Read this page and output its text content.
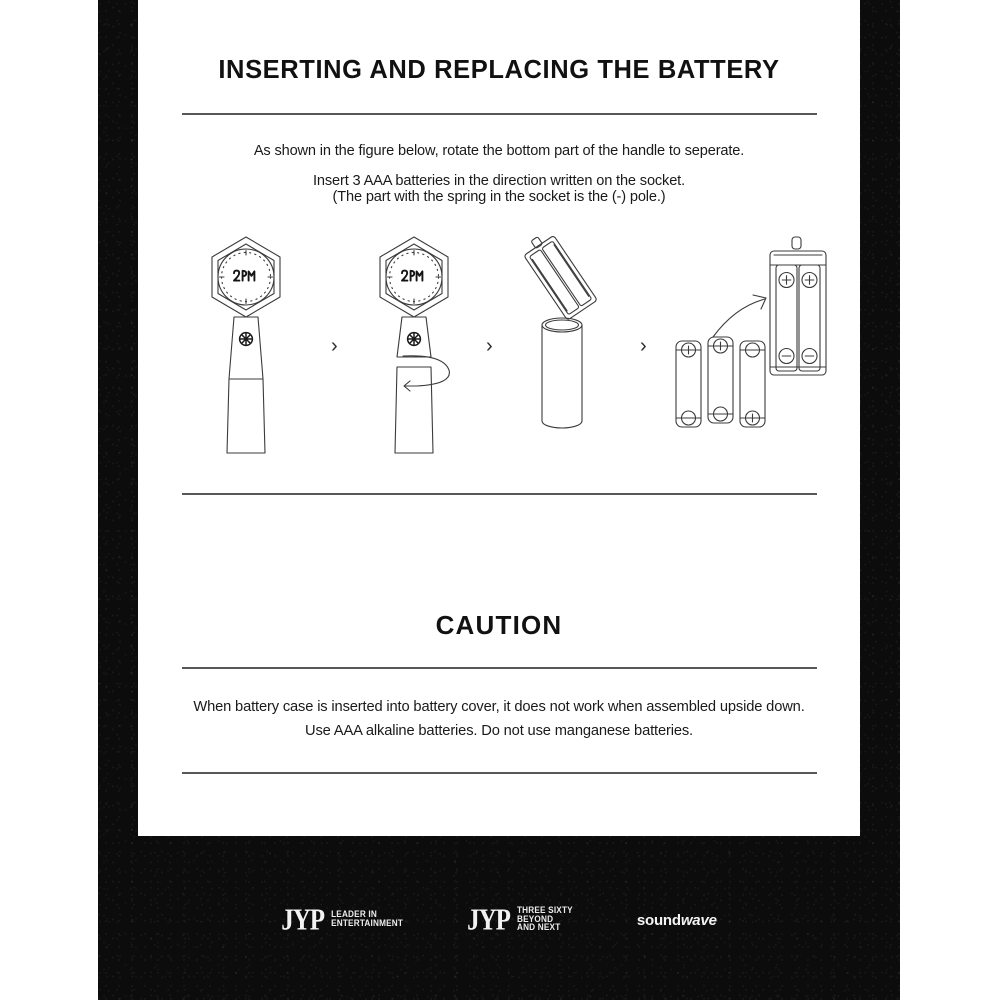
INSERTING AND REPLACING THE BATTERY
As shown in the figure below, rotate the bottom part of the handle to seperate.
Insert 3 AAA batteries in the direction written on the socket.
(The part with the spring in the socket is the (-) pole.)
›	›	›
CAUTION
When battery case is inserted into battery cover, it does not work when assembled upside down.
Use AAA alkaline batteries. Do not use manganese batteries.
JYP LEADER IN
ENTERTAINMENT	JYP THREE SIXTY
BEYOND
AND NEXT	soundwave
